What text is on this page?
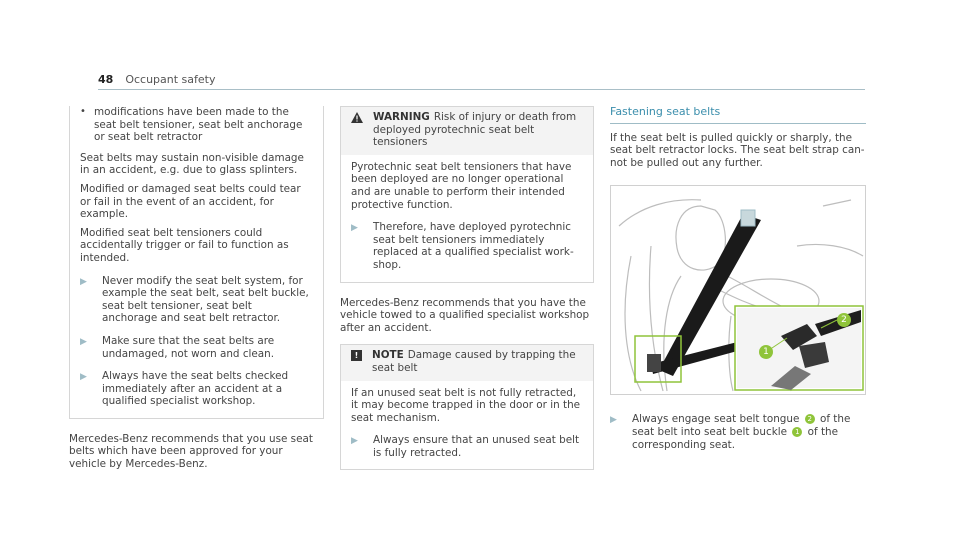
48 Occupant safety
• modifications have been made to the seat belt tensioner, seat belt anchorage or seat belt retractor

Seat belts may sustain non-visible damage in an accident, e.g. due to glass splinters.

Modified or damaged seat belts could tear or fail in the event of an accident, for example.

Modified seat belt tensioners could accidentally trigger or fail to function as intended.

▶	Never modify the seat belt system, for example the seat belt, seat belt buckle, seat belt tensioner, seat belt anchorage and seat belt retractor.
▶	Make sure that the seat belts are undamaged, not worn and clean.
▶	Always have the seat belts checked immediately after an accident at a qualified specialist workshop.

Mercedes-Benz recommends that you use seat belts which have been approved for your vehicle by Mercedes-Benz.

WARNING Risk of injury or death from deployed pyrotechnic seat belt tensioners

Pyrotechnic seat belt tensioners that have been deployed are no longer operational and are unable to perform their intended protective function.

▶	Therefore, have deployed pyrotechnic seat belt tensioners immediately replaced at a qualified specialist workshop.

Mercedes-Benz recommends that you have the vehicle towed to a qualified specialist workshop after an accident.

!	NOTE Damage caused by trapping the seat belt

If an unused seat belt is not fully retracted, it may become trapped in the door or in the seat mechanism.

▶	Always ensure that an unused seat belt is fully retracted.
Fastening seat belts

If the seat belt is pulled quickly or sharply, the seat belt retractor locks. The seat belt strap cannot be pulled out any further.

1
2
▶	Always engage seat belt tongue 2 of the seat belt into seat belt buckle 1 of the corresponding seat.
